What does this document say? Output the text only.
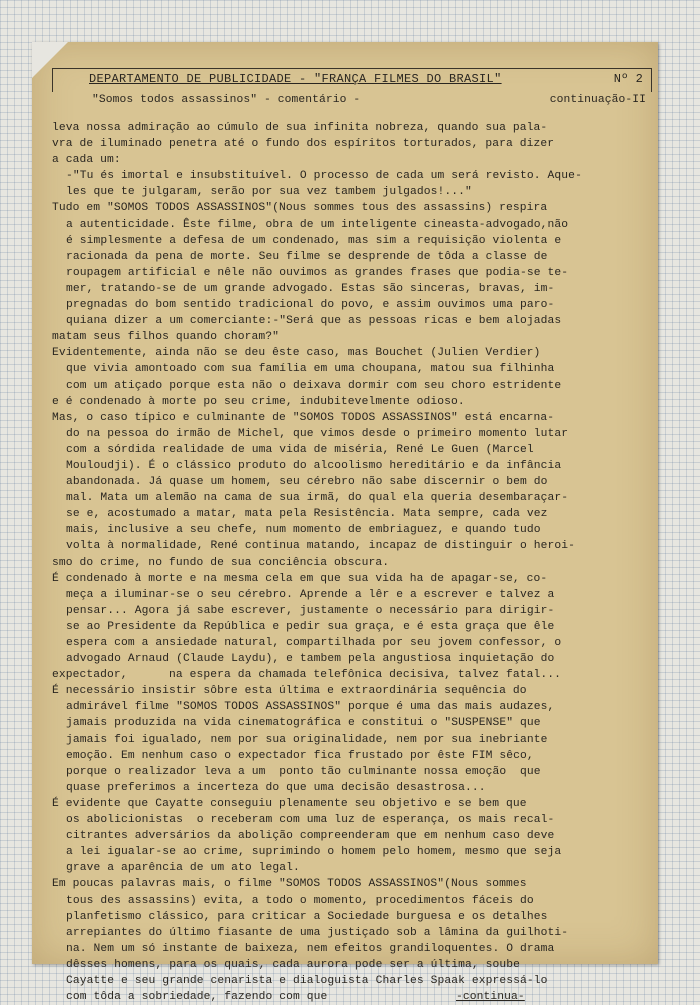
DEPARTAMENTO DE PUBLICIDADE - "FRANÇA FILMES DO BRASIL"	Nº 2
"Somos todos assassinos" - comentário -	continuação-II
leva nossa admiração ao cúmulo de sua infinita nobreza, quando sua pala-
vra de iluminado penetra até o fundo dos espíritos torturados, para dizer
a cada um:
-"Tu és imortal e insubstituível. O processo de cada um será revisto. Aque-
les que te julgaram, serão por sua vez tambem julgados!..."
Tudo em "SOMOS TODOS ASSASSINOS"(Nous sommes tous des assassins) respira
a autenticidade. Êste filme, obra de um inteligente cineasta-advogado,não
é simplesmente a defesa de um condenado, mas sim a requisição violenta e
racionada da pena de morte. Seu filme se desprende de tôda a classe de
roupagem artificial e nêle não ouvimos as grandes frases que podia-se te-
mer, tratando-se de um grande advogado. Estas são sinceras, bravas, im-
pregnadas do bom sentido tradicional do povo, e assim ouvimos uma paro-
quiana dizer a um comerciante:-"Será que as pessoas ricas e bem alojadas
matam seus filhos quando choram?"
Evidentemente, ainda não se deu êste caso, mas Bouchet (Julien Verdier)
que vivia amontoado com sua família em uma choupana, matou sua filhinha
com um atiçado porque esta não o deixava dormir com seu choro estridente
e é condenado à morte po seu crime, indubitevelmente odioso.
Mas, o caso típico e culminante de "SOMOS TODOS ASSASSINOS" está encarna-
do na pessoa do irmão de Michel, que vimos desde o primeiro momento lutar
com a sórdida realidade de uma vida de miséria, René Le Guen (Marcel
Mouloudji). É o clássico produto do alcoolismo hereditário e da infância
abandonada. Já quase um homem, seu cérebro não sabe discernir o bem do
mal. Mata um alemão na cama de sua irmã, do qual ela queria desembaraçar-
se e, acostumado a matar, mata pela Resistência. Mata sempre, cada vez
mais, inclusive a seu chefe, num momento de embriaguez, e quando tudo
volta à normalidade, René continua matando, incapaz de distinguir o heroi-
smo do crime, no fundo de sua conciência obscura.
É condenado à morte e na mesma cela em que sua vida ha de apagar-se, co-
meça a iluminar-se o seu cérebro. Aprende a lêr e a escrever e talvez a
pensar... Agora já sabe escrever, justamente o necessário para dirigir-
se ao Presidente da República e pedir sua graça, e é esta graça que êle
espera com a ansiedade natural, compartilhada por seu jovem confessor, o
advogado Arnaud (Claude Laydu), e tambem pela angustiosa inquietação do
expectador,      na espera da chamada telefônica decisiva, talvez fatal...
É necessário insistir sôbre esta última e extraordinária sequência do
admirável filme "SOMOS TODOS ASSASSINOS" porque é uma das mais audazes,
jamais produzida na vida cinematográfica e constitui o "SUSPENSE" que
jamais foi igualado, nem por sua originalidade, nem por sua inebriante
emoção. Em nenhum caso o expectador fica frustado por êste FIM sêco,
porque o realizador leva a um  ponto tão culminante nossa emoção  que
quase preferimos a incerteza do que uma decisão desastrosa...
É evidente que Cayatte conseguiu plenamente seu objetivo e se bem que
os abolicionistas  o receberam com uma luz de esperança, os mais recal-
citrantes adversários da abolição compreenderam que em nenhum caso deve
a lei igualar-se ao crime, suprimindo o homem pelo homem, mesmo que seja
grave a aparência de um ato legal.
Em poucas palavras mais, o filme "SOMOS TODOS ASSASSINOS"(Nous sommes
tous des assassins) evita, a todo o momento, procedimentos fáceis do
planfetismo clássico, para criticar a Sociedade burguesa e os detalhes
arrepiantes do último fiasante de uma justiçado sob a lâmina da guilhoti-
na. Nem um só instante de baixeza, nem efeitos grandiloquentes. O drama
dêsses homens, para os quais, cada aurora pode ser a última, soube
Cayatte e seu grande cenarista e dialoguista Charles Spaak expressá-lo
com tôda a sobriedade, fazendo com que	-continua-
